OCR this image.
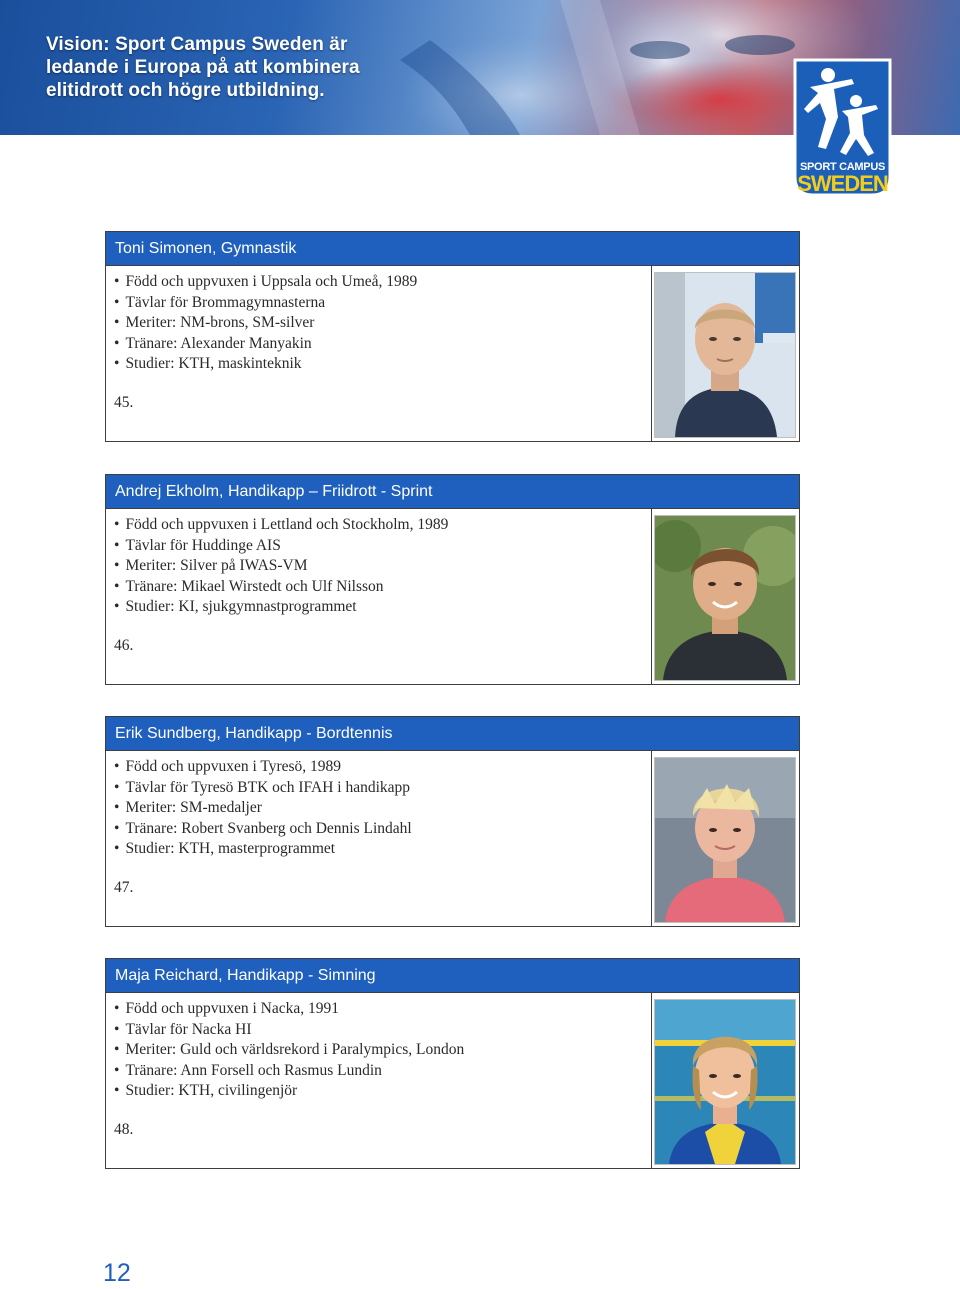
Vision: Sport Campus Sweden är
ledande i Europa på att kombinera
elitidrott och högre utbildning.
SPORT CAMPUS
SWEDEN
Toni Simonen, Gymnastik
• Född och uppvuxen i Uppsala och Umeå, 1989
• Tävlar för Brommagymnasterna
• Meriter: NM-brons, SM-silver
• Tränare: Alexander Manyakin
• Studier: KTH, maskinteknik
45.
Andrej Ekholm, Handikapp – Friidrott - Sprint
• Född och uppvuxen i Lettland och Stockholm, 1989
• Tävlar för Huddinge AIS
• Meriter: Silver på IWAS-VM
• Tränare: Mikael Wirstedt och Ulf Nilsson
• Studier: KI, sjukgymnastprogrammet
46.
Erik Sundberg, Handikapp - Bordtennis
• Född och uppvuxen i Tyresö, 1989
• Tävlar för Tyresö BTK och IFAH i handikapp
• Meriter: SM-medaljer
• Tränare: Robert Svanberg och Dennis Lindahl
• Studier: KTH, masterprogrammet
47.
Maja Reichard, Handikapp - Simning
• Född och uppvuxen i Nacka, 1991
• Tävlar för Nacka HI
• Meriter: Guld och världsrekord i Paralympics, London
• Tränare: Ann Forsell och Rasmus Lundin
• Studier: KTH, civilingenjör
48.
12
